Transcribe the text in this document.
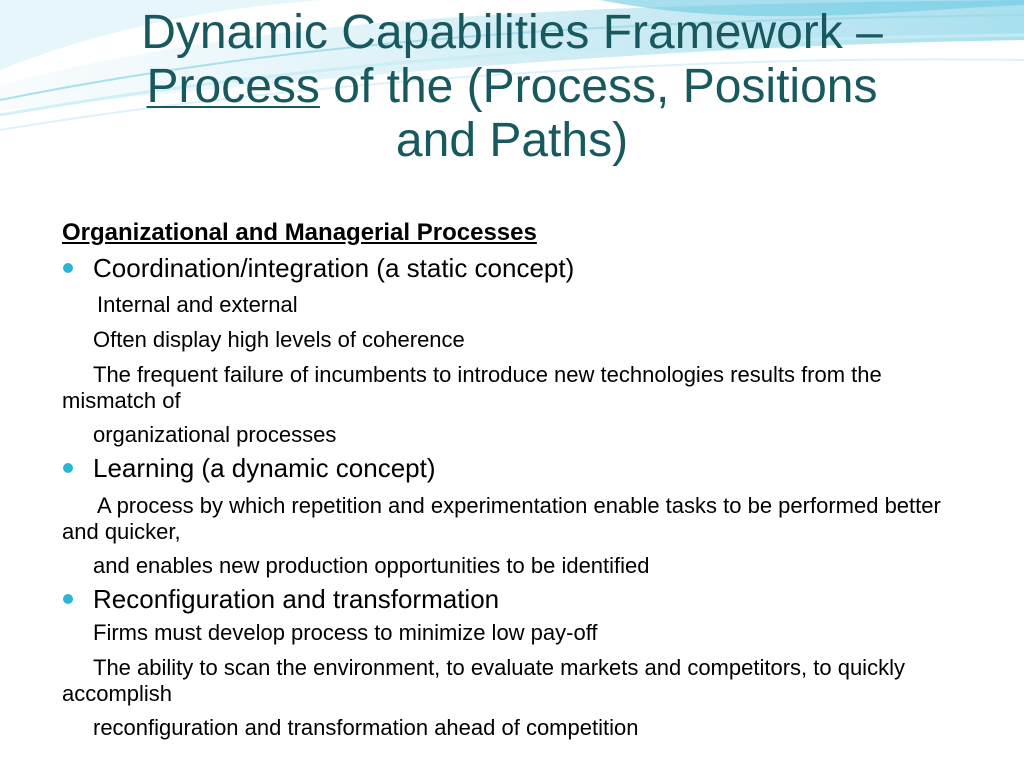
Dynamic Capabilities Framework –
Process of the (Process, Positions
and Paths)

Organizational and Managerial Processes

Coordination/integration (a static concept)

Internal and external

Often display high levels of coherence

The frequent failure of incumbents to introduce new technologies results from the mismatch of

organizational processes

Learning (a dynamic concept)

A process by which repetition and experimentation enable tasks to be performed better and quicker,

and enables new production opportunities to be identified

Reconfiguration and transformation

Firms must develop process to minimize low pay-off

The ability to scan the environment, to evaluate markets and competitors, to quickly accomplish

reconfiguration and transformation ahead of competition
